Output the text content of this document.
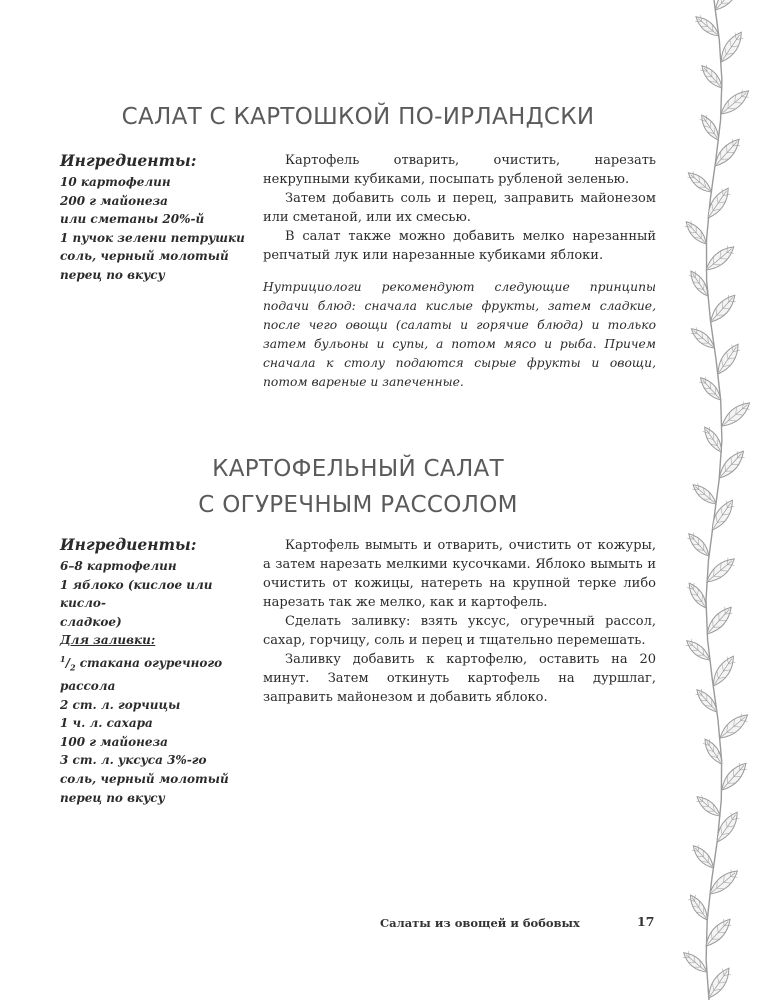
САЛАТ С КАРТОШКОЙ ПО-ИРЛАНДСКИ
Ингредиенты:
10 картофелин
200 г майонеза
или сметаны 20%-й
1 пучок зелени петрушки
соль, черный молотый
перец по вкусу

Картофель отварить, очистить, нарезать некрупными кубиками, посыпать рубленой зеленью.

Затем добавить соль и перец, заправить майонезом или сметаной, или их смесью.

В салат также можно добавить мелко нарезанный репчатый лук или нарезанные кубиками яблоки.

Нутрициологи рекомендуют следующие принципы подачи блюд: сначала кислые фрукты, затем сладкие, после чего овощи (салаты и горячие блюда) и только затем бульоны и супы, а потом мясо и рыба. Причем сначала к столу подаются сырые фрукты и овощи, потом вареные и запеченные.

КАРТОФЕЛЬНЫЙ САЛАТ
С ОГУРЕЧНЫМ РАССОЛОМ
Ингредиенты:
6–8 картофелин
1 яблоко (кислое или кисло-
сладкое)
Для заливки:
$^1/_2$ стакана огуречного
рассола
2 ст. л. горчицы
1 ч. л. сахара
100 г майонеза
3 ст. л. уксуса 3%-го
соль, черный молотый
перец по вкусу

Картофель вымыть и отварить, очистить от кожуры, а затем нарезать мелкими кусочками. Яблоко вымыть и очистить от кожицы, натереть на крупной терке либо нарезать так же мелко, как и картофель.

Сделать заливку: взять уксус, огуречный рассол, сахар, горчицу, соль и перец и тщательно перемешать.

Заливку добавить к картофелю, оставить на 20 минут. Затем откинуть картофель на дуршлаг, заправить майонезом и добавить яблоко.

Салаты из овощей и бобовых	17
